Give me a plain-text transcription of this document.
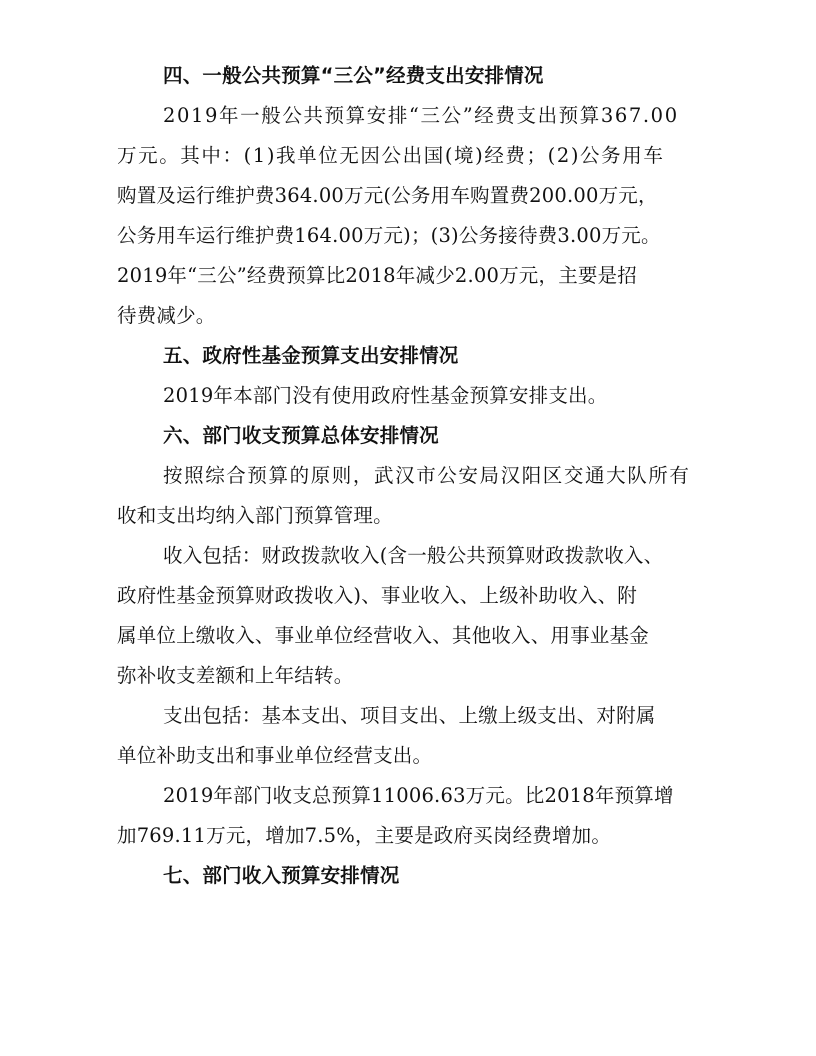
四、一般公共预算“三公”经费支出安排情况
2019年一般公共预算安排“三公”经费支出预算367.00
万元。其中：(1)我单位无因公出国(境)经费；(2)公务用车
购置及运行维护费364.00万元(公务用车购置费200.00万元，
公务用车运行维护费164.00万元)；(3)公务接待费3.00万元。
2019年“三公”经费预算比2018年减少2.00万元，主要是招
待费减少。
五、政府性基金预算支出安排情况
2019年本部门没有使用政府性基金预算安排支出。
六、部门收支预算总体安排情况
按照综合预算的原则，武汉市公安局汉阳区交通大队所有
收和支出均纳入部门预算管理。
收入包括：财政拨款收入(含一般公共预算财政拨款收入、
政府性基金预算财政拨收入)、事业收入、上级补助收入、附
属单位上缴收入、事业单位经营收入、其他收入、用事业基金
弥补收支差额和上年结转。
支出包括：基本支出、项目支出、上缴上级支出、对附属
单位补助支出和事业单位经营支出。
2019年部门收支总预算11006.63万元。比2018年预算增
加769.11万元，增加7.5%，主要是政府买岗经费增加。
七、部门收入预算安排情况
